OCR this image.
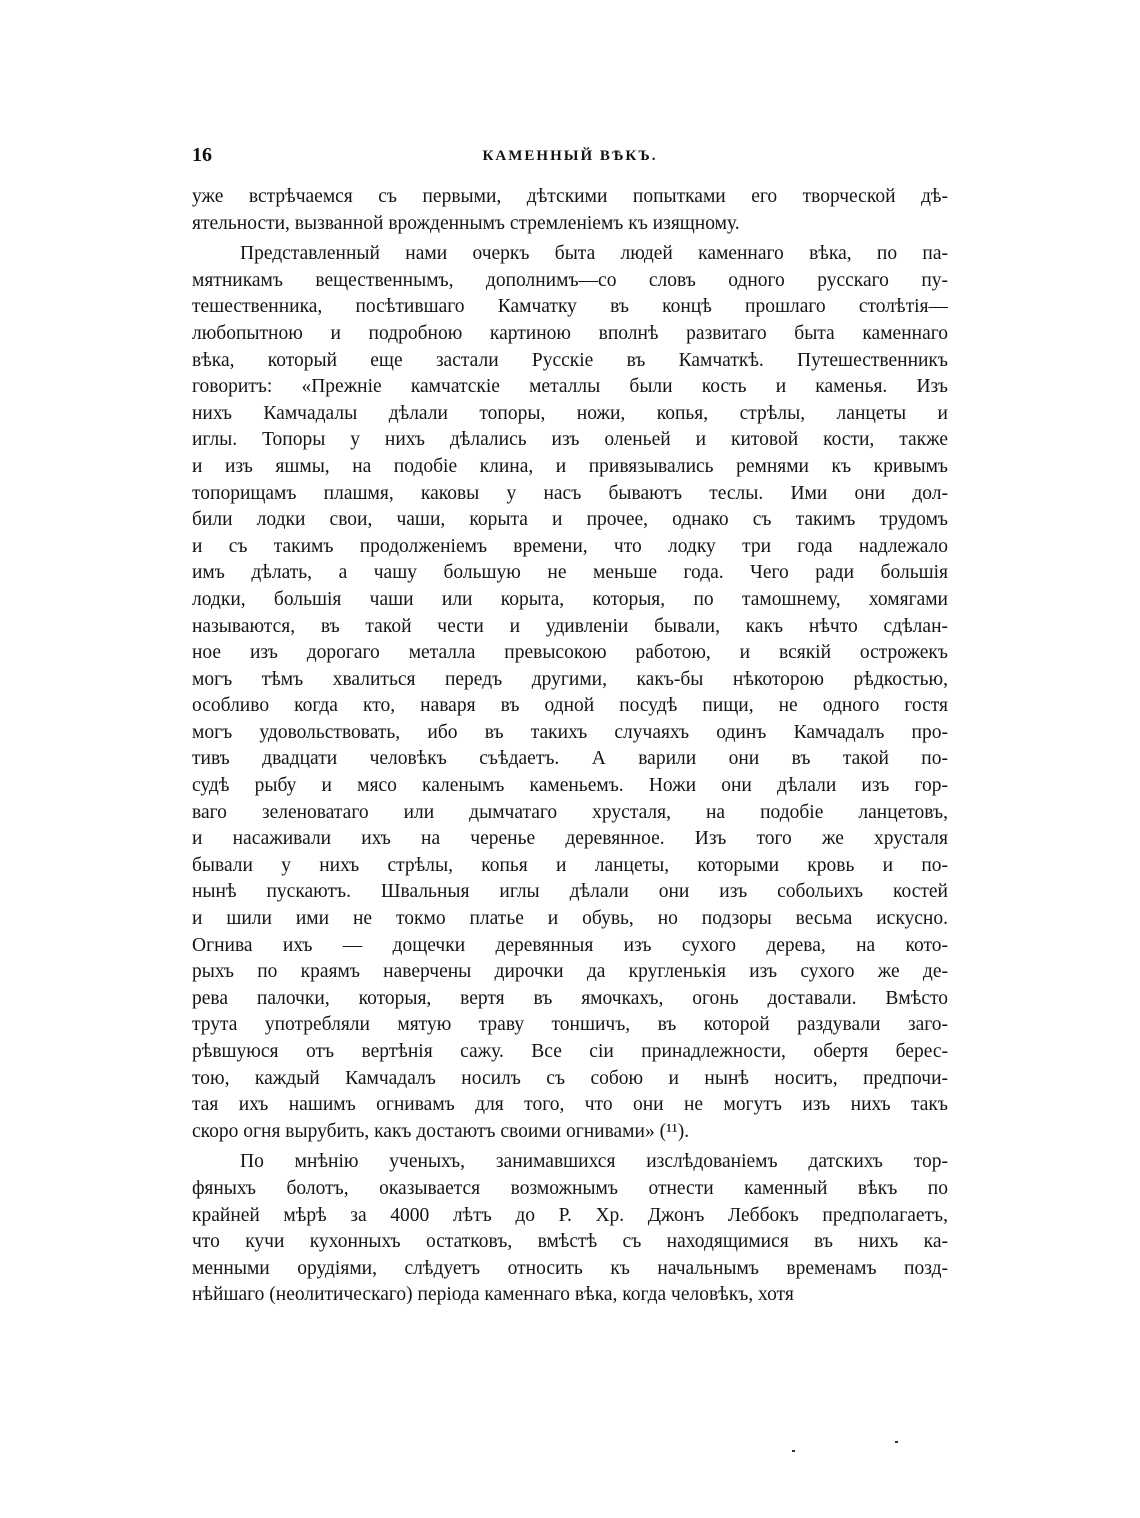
16	КАМЕННЫЙ ВѢКЪ.
уже встрѣчаемся съ первыми, дѣтскими попытками его творческой дѣ-
ятельности, вызванной врожденнымъ стремленіемъ къ изящному.
Представленный нами очеркъ быта людей каменнаго вѣка, по па-
мятникамъ вещественнымъ, дополнимъ—со словъ одного русскаго пу-
тешественника, посѣтившаго Камчатку въ концѣ прошлаго столѣтія—
любопытною и подробною картиною вполнѣ развитаго быта каменнаго
вѣка, который еще застали Русскіе въ Камчаткѣ. Путешественникъ
говоритъ: «Прежніе камчатскіе металлы были кость и каменья. Изъ
нихъ Камчадалы дѣлали топоры, ножи, копья, стрѣлы, ланцеты и
иглы. Топоры у нихъ дѣлались изъ оленьей и китовой кости, также
и изъ яшмы, на подобіе клина, и привязывались ремнями къ кривымъ
топорищамъ плашмя, каковы у насъ бываютъ теслы. Ими они дол-
били лодки свои, чаши, корыта и прочее, однако съ такимъ трудомъ
и съ такимъ продолженіемъ времени, что лодку три года надлежало
имъ дѣлать, а чашу большую не меньше года. Чего ради большія
лодки, большія чаши или корыта, которыя, по тамошнему, хомягами
называются, въ такой чести и удивленіи бывали, какъ нѣчто сдѣлан-
ное изъ дорогаго металла превысокою работою, и всякій острожекъ
могъ тѣмъ хвалиться передъ другими, какъ-бы нѣкоторою рѣдкостью,
особливо когда кто, наваря въ одной посудѣ пищи, не одного гостя
могъ удовольствовать, ибо въ такихъ случаяхъ одинъ Камчадалъ про-
тивъ двадцати человѣкъ съѣдаетъ. А варили они въ такой по-
судѣ рыбу и мясо каленымъ каменьемъ. Ножи они дѣлали изъ гор-
ваго зеленоватаго или дымчатаго хрусталя, на подобіе ланцетовъ,
и насаживали ихъ на черенье деревянное. Изъ того же хрусталя
бывали у нихъ стрѣлы, копья и ланцеты, которыми кровь и по-
нынѣ пускаютъ. Швальныя иглы дѣлали они изъ собольихъ костей
и шили ими не токмо платье и обувь, но подзоры весьма искусно.
Огнива ихъ — дощечки деревянныя изъ сухого дерева, на кото-
рыхъ по краямъ наверчены дирочки да кругленькія изъ сухого же де-
рева палочки, которыя, вертя въ ямочкахъ, огонь доставали. Вмѣсто
трута употребляли мятую траву тоншичъ, въ которой раздували заго-
рѣвшуюся отъ вертѣнія сажу. Все сіи принадлежности, обертя берес-
тою, каждый Камчадалъ носилъ съ собою и нынѣ носитъ, предпочи-
тая ихъ нашимъ огнивамъ для того, что они не могутъ изъ нихъ такъ
скоро огня вырубить, какъ достаютъ своими огнивами» (¹¹).
По мнѣнію ученыхъ, занимавшихся изслѣдованіемъ датскихъ тор-
фяныхъ болотъ, оказывается возможнымъ отнести каменный вѣкъ по
крайней мѣрѣ за 4000 лѣтъ до Р. Хр. Джонъ Леббокъ предполагаетъ,
что кучи кухонныхъ остатковъ, вмѣстѣ съ находящимися въ нихъ ка-
менными орудіями, слѣдуетъ относить къ начальнымъ временамъ позд-
нѣйшаго (неолитическаго) періода каменнаго вѣка, когда человѣкъ, хотя
